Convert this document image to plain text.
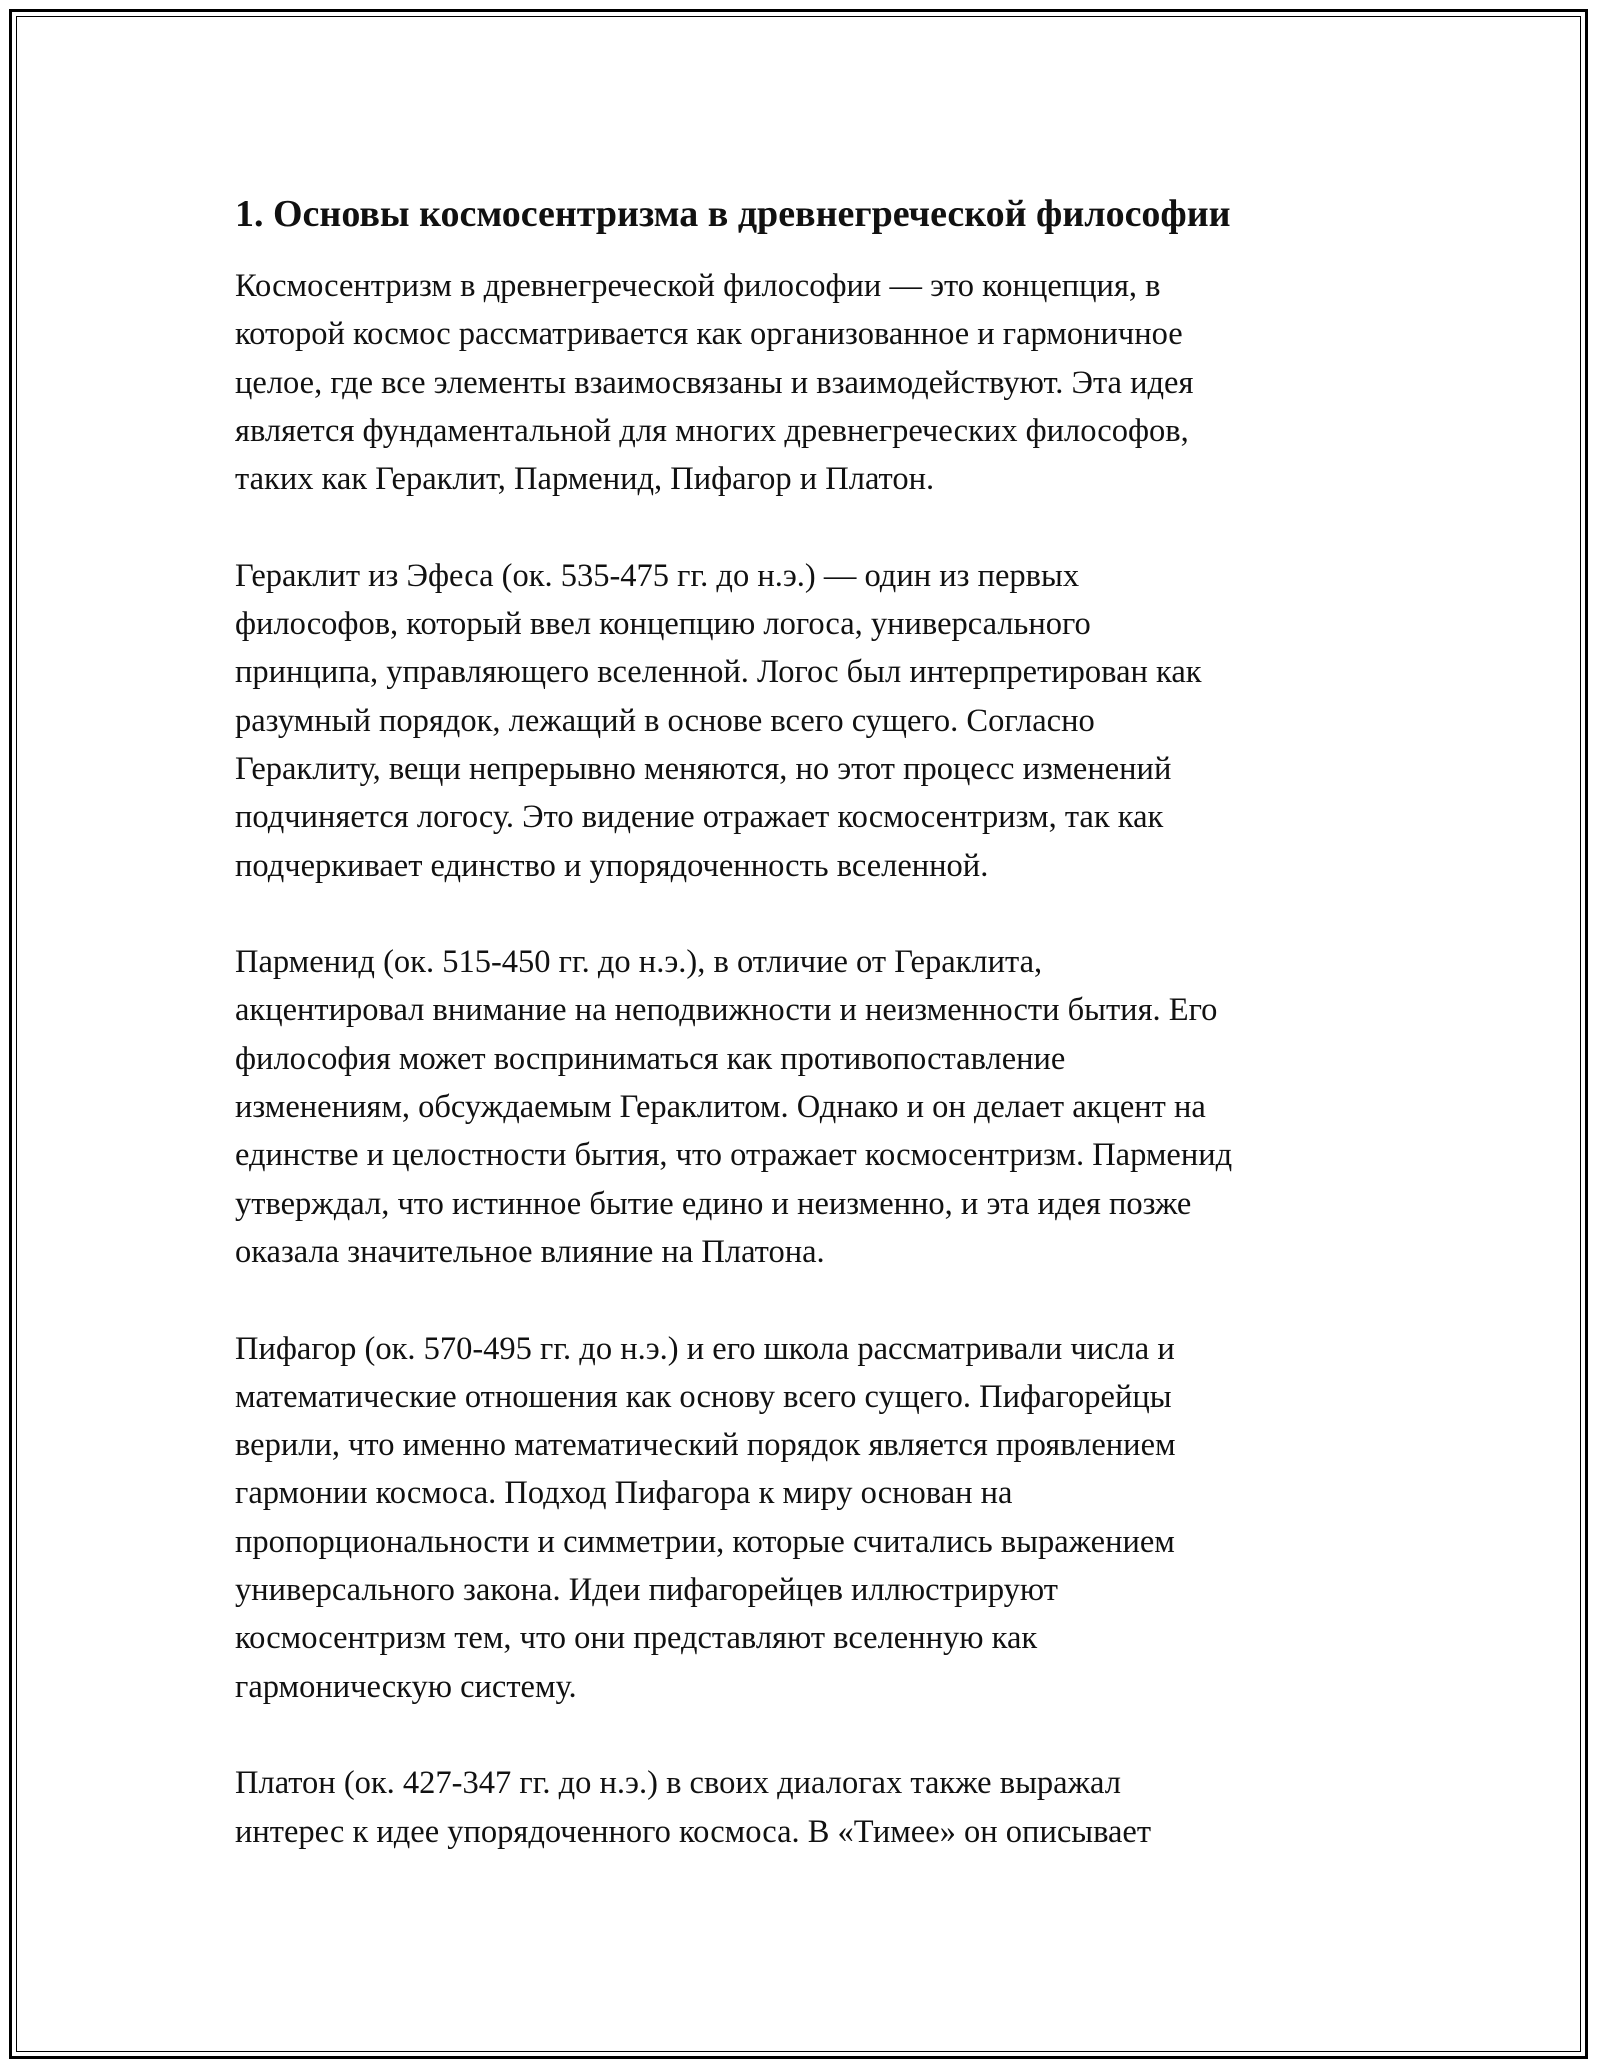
1. Основы космосентризма в древнегреческой философии

Космосентризм в древнегреческой философии — это концепция, в
которой космос рассматривается как организованное и гармоничное
целое, где все элементы взаимосвязаны и взаимодействуют. Эта идея
является фундаментальной для многих древнегреческих философов,
таких как Гераклит, Парменид, Пифагор и Платон.

Гераклит из Эфеса (ок. 535-475 гг. до н.э.) — один из первых
философов, который ввел концепцию логоса, универсального
принципа, управляющего вселенной. Логос был интерпретирован как
разумный порядок, лежащий в основе всего сущего. Согласно
Гераклиту, вещи непрерывно меняются, но этот процесс изменений
подчиняется логосу. Это видение отражает космосентризм, так как
подчеркивает единство и упорядоченность вселенной.

Парменид (ок. 515-450 гг. до н.э.), в отличие от Гераклита,
акцентировал внимание на неподвижности и неизменности бытия. Его
философия может восприниматься как противопоставление
изменениям, обсуждаемым Гераклитом. Однако и он делает акцент на
единстве и целостности бытия, что отражает космосентризм. Парменид
утверждал, что истинное бытие едино и неизменно, и эта идея позже
оказала значительное влияние на Платона.

Пифагор (ок. 570-495 гг. до н.э.) и его школа рассматривали числа и
математические отношения как основу всего сущего. Пифагорейцы
верили, что именно математический порядок является проявлением
гармонии космоса. Подход Пифагора к миру основан на
пропорциональности и симметрии, которые считались выражением
универсального закона. Идеи пифагорейцев иллюстрируют
космосентризм тем, что они представляют вселенную как
гармоническую систему.

Платон (ок. 427-347 гг. до н.э.) в своих диалогах также выражал
интерес к идее упорядоченного космоса. В «Тимее» он описывает
